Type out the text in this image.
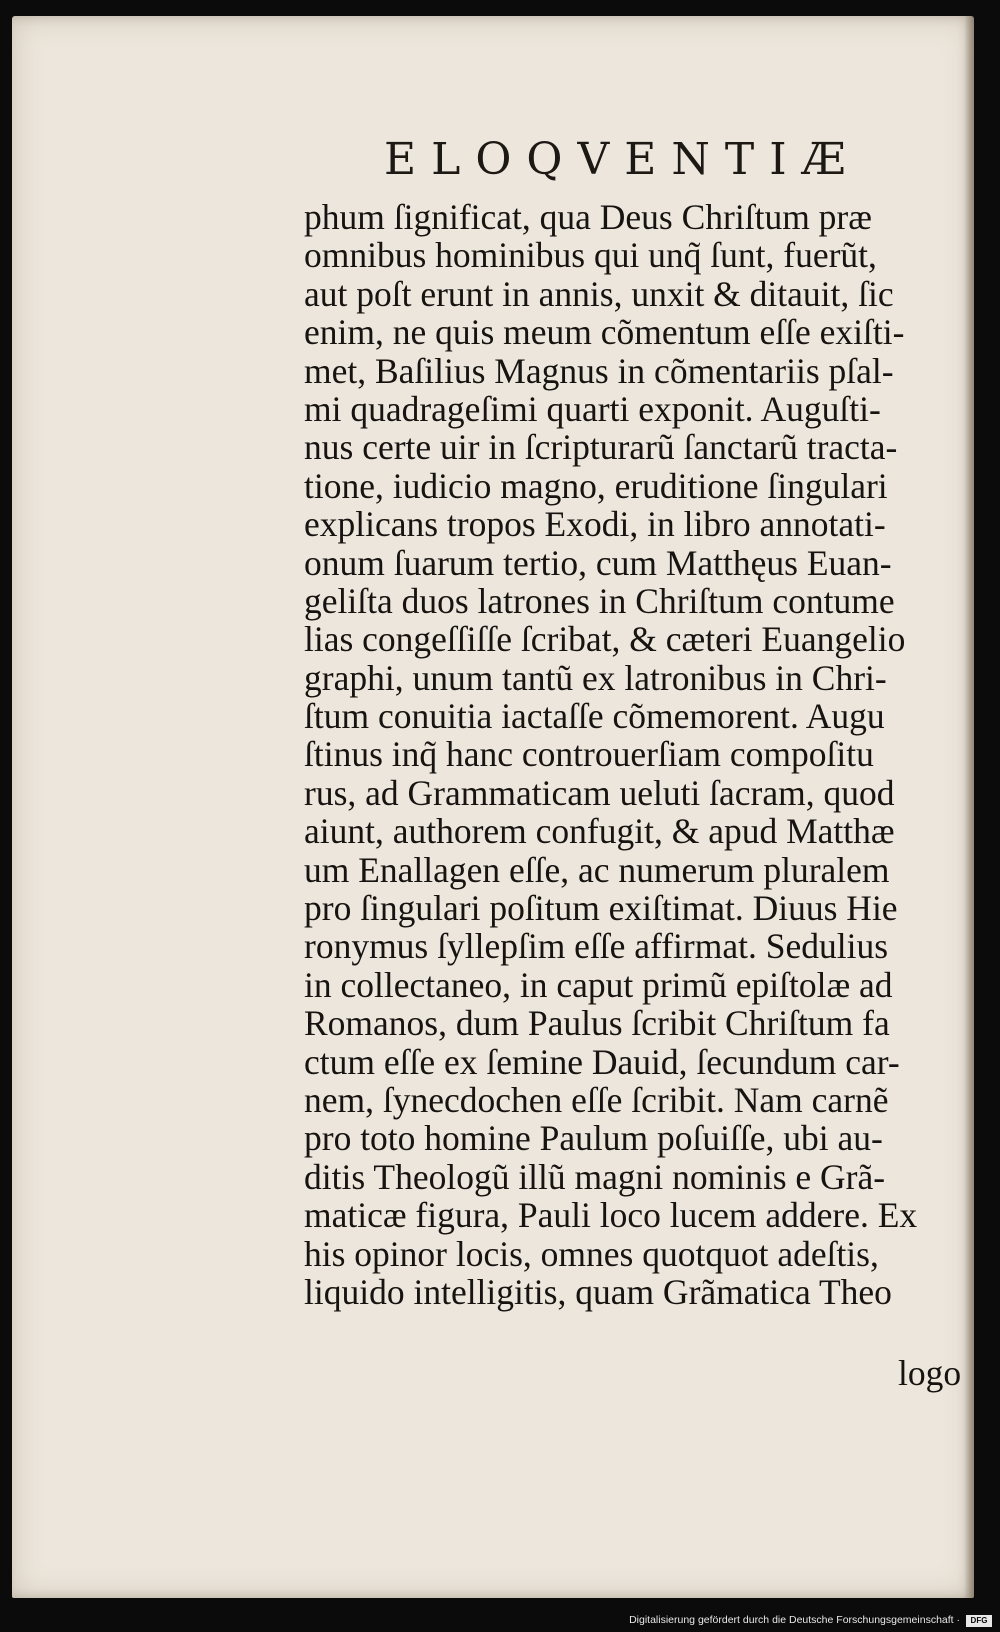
ELOQVENTIÆ
phum ſignificat, qua Deus Chriſtum præ
omnibus hominibus qui unq̃ ſunt, fuerũt,
aut poſt erunt in annis, unxit & ditauit, ſic
enim, ne quis meum cõmentum eſſe exiſti-
met, Baſilius Magnus in cõmentariis pſal-
mi quadrageſimi quarti exponit. Auguſti-
nus certe uir in ſcripturarũ ſanctarũ tracta-
tione, iudicio magno, eruditione ſingulari
explicans tropos Exodi, in libro annotati-
onum ſuarum tertio, cum Matthęus Euan-
geliſta duos latrones in Chriſtum contume
lias congeſſiſſe ſcribat, & cæteri Euangelio
graphi, unum tantũ ex latronibus in Chri-
ſtum conuitia iactaſſe cõmemorent. Augu
ſtinus inq̃ hanc controuerſiam compoſitu
rus, ad Grammaticam ueluti ſacram, quod
aiunt, authorem confugit, & apud Matthæ
um Enallagen eſſe, ac numerum pluralem
pro ſingulari poſitum exiſtimat. Diuus Hie
ronymus ſyllepſim eſſe affirmat. Sedulius
in collectaneo, in caput primũ epiſtolæ ad
Romanos, dum Paulus ſcribit Chriſtum fa
ctum eſſe ex ſemine Dauid, ſecundum car-
nem, ſynecdochen eſſe ſcribit. Nam carnẽ
pro toto homine Paulum poſuiſſe, ubi au-
ditis Theologũ illũ magni nominis e Grã-
maticæ figura, Pauli loco lucem addere. Ex
his opinor locis, omnes quotquot adeſtis,
liquido intelligitis, quam Grãmatica Theo
logo
Digitalisierung gefördert durch die Deutsche Forschungsgemeinschaft ·	DFG
